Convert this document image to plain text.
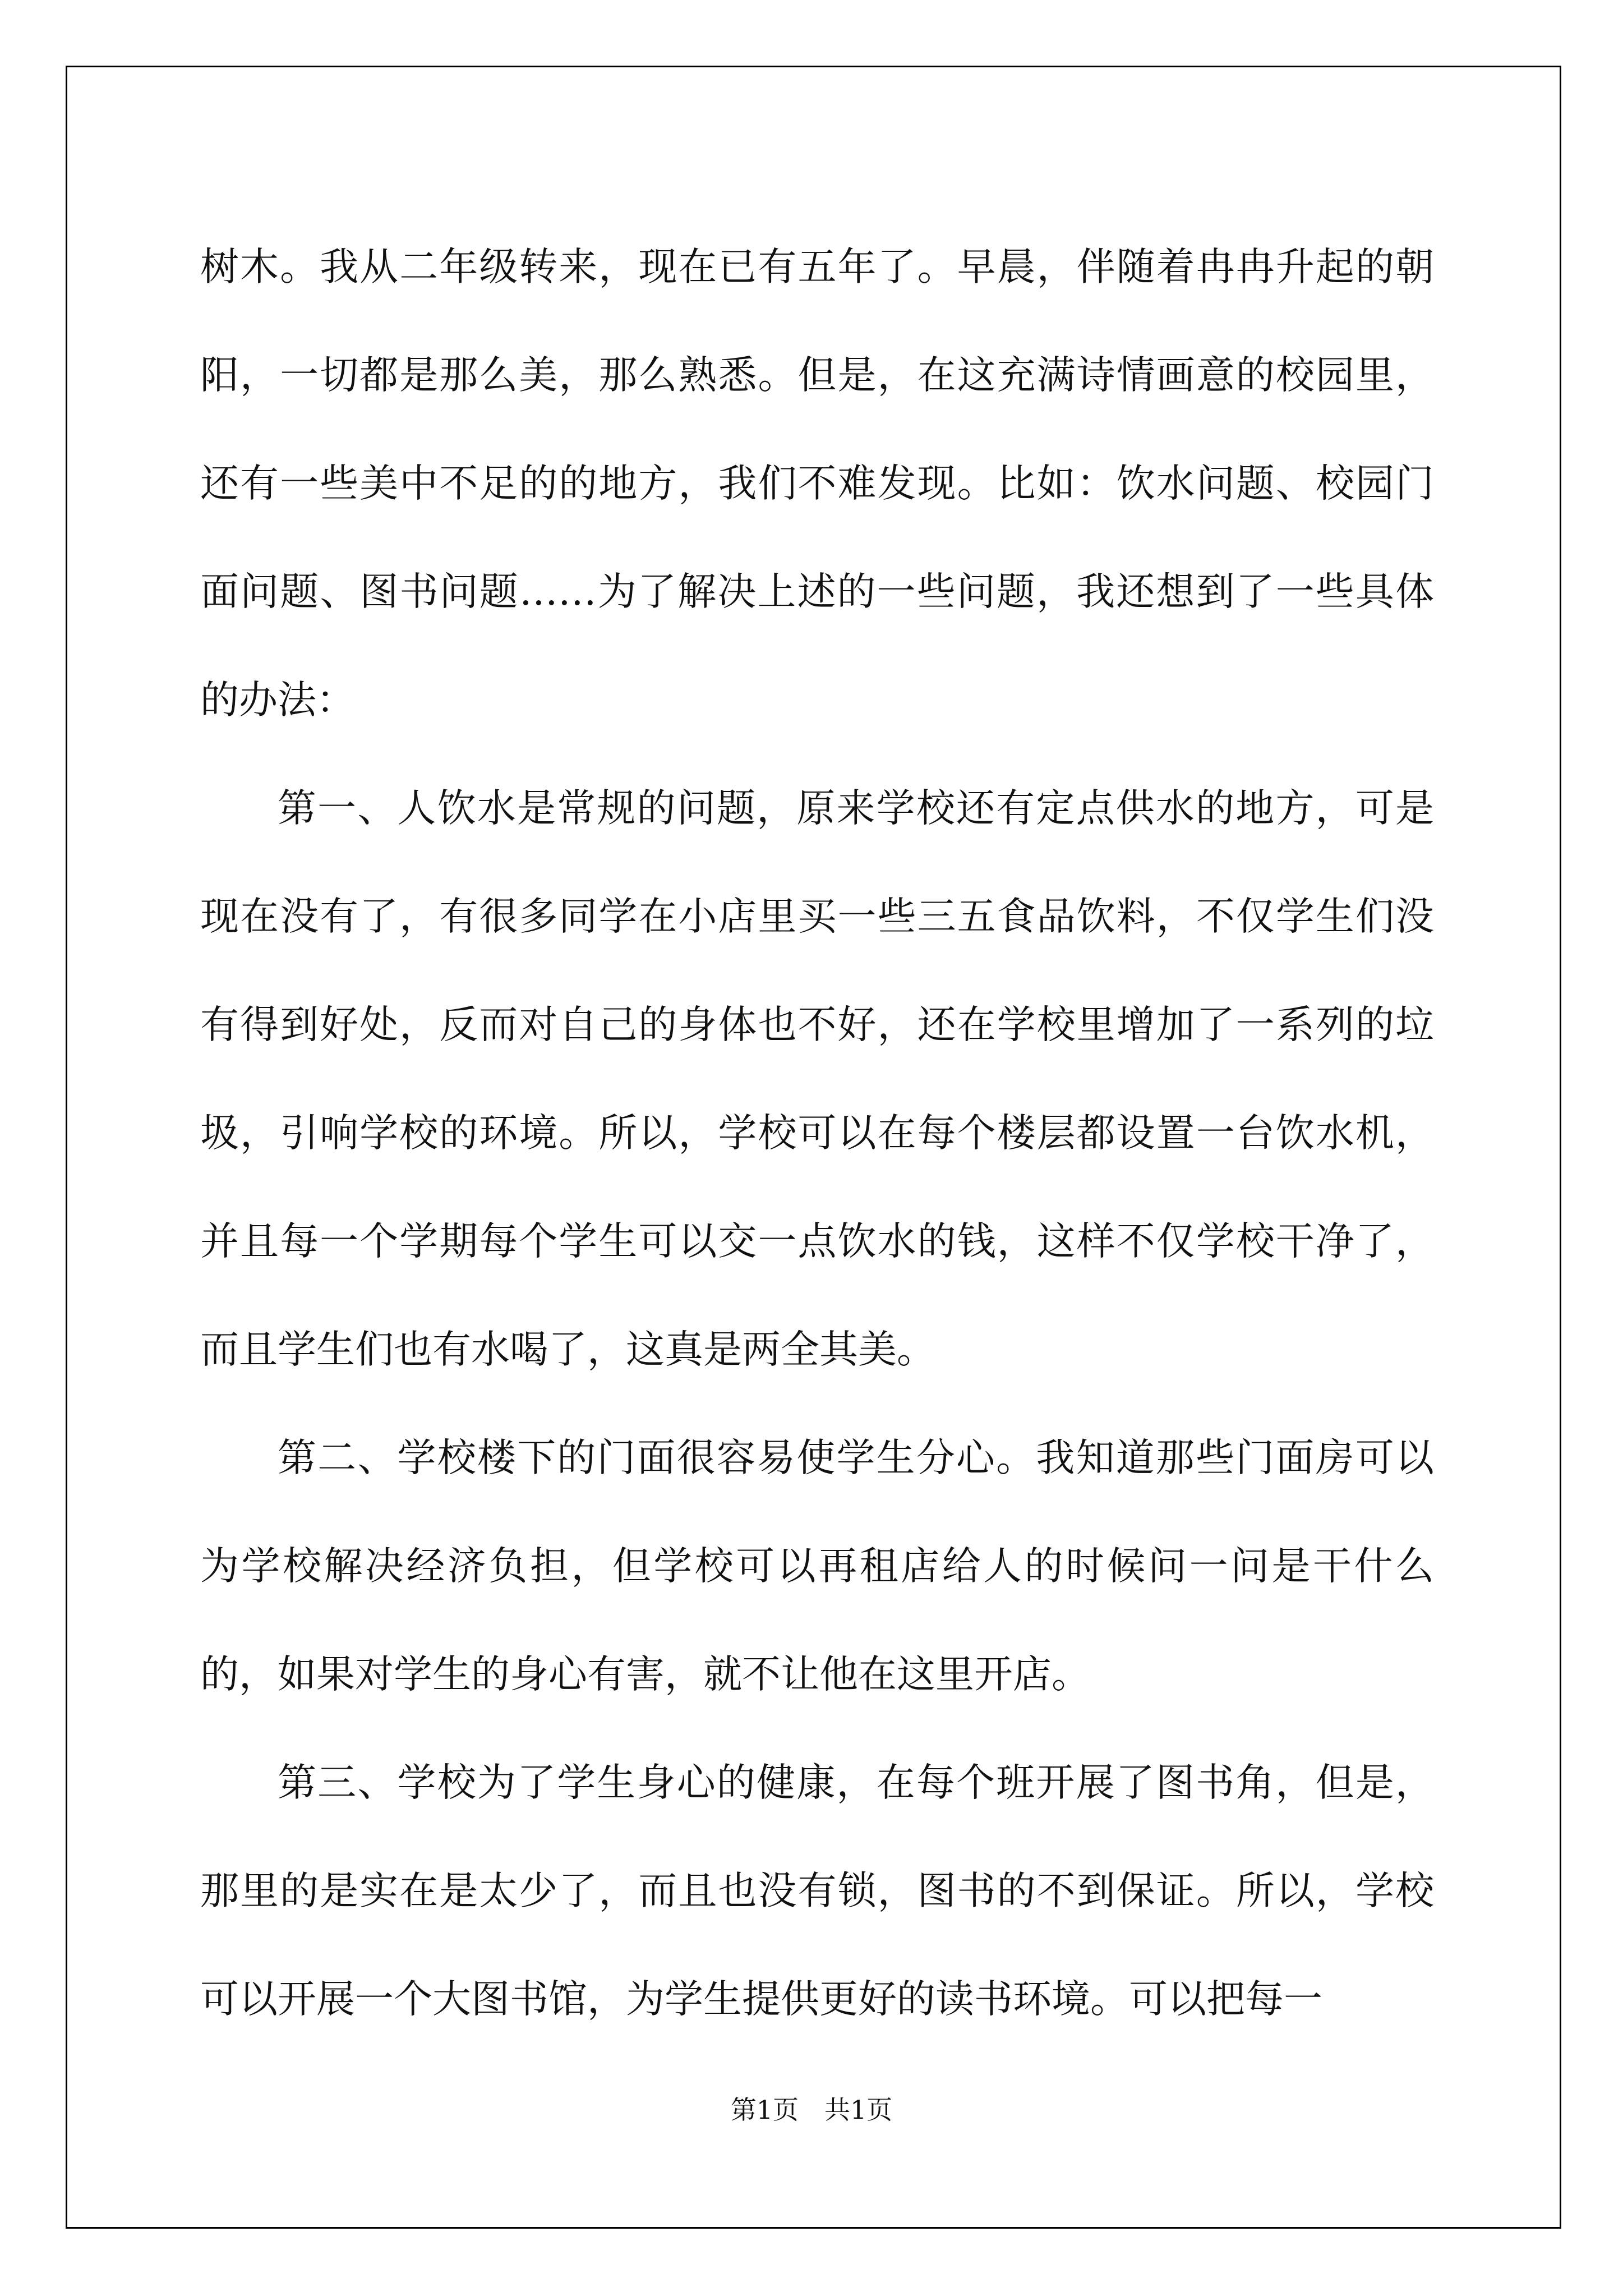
树木。我从二年级转来，现在已有五年了。早晨，伴随着冉冉升起的朝阳，一切都是那么美，那么熟悉。但是，在这充满诗情画意的校园里，还有一些美中不足的的地方，我们不难发现。比如：饮水问题、校园门面问题、图书问题……为了解决上述的一些问题，我还想到了一些具体的办法：

第一、人饮水是常规的问题，原来学校还有定点供水的地方，可是现在没有了，有很多同学在小店里买一些三五食品饮料，不仅学生们没有得到好处，反而对自己的身体也不好，还在学校里增加了一系列的垃圾，引响学校的环境。所以，学校可以在每个楼层都设置一台饮水机，并且每一个学期每个学生可以交一点饮水的钱，这样不仅学校干净了，而且学生们也有水喝了，这真是两全其美。

第二、学校楼下的门面很容易使学生分心。我知道那些门面房可以为学校解决经济负担，但学校可以再租店给人的时候问一问是干什么的，如果对学生的身心有害，就不让他在这里开店。

第三、学校为了学生身心的健康，在每个班开展了图书角，但是，那里的是实在是太少了，而且也没有锁，图书的不到保证。所以，学校可以开展一个大图书馆，为学生提供更好的读书环境。可以把每一

第1页 共1页
